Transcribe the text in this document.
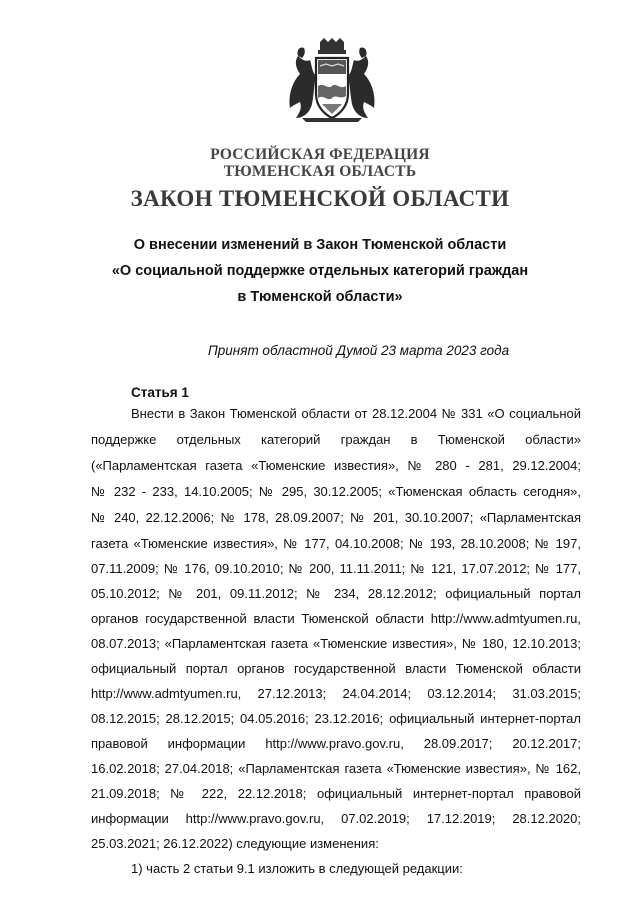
РОССИЙСКАЯ ФЕДЕРАЦИЯ
ТЮМЕНСКАЯ ОБЛАСТЬ
ЗАКОН ТЮМЕНСКОЙ ОБЛАСТИ
О внесении изменений в Закон Тюменской области
«О социальной поддержке отдельных категорий граждан
в Тюменской области»
Принят областной Думой 23 марта 2023 года
Статья 1
Внести в Закон Тюменской области от 28.12.2004 № 331 «О социальной
поддержке отдельных категорий граждан в Тюменской области»
(«Парламентская газета «Тюменские известия», № 280 - 281, 29.12.2004;
№ 232 - 233, 14.10.2005; № 295, 30.12.2005; «Тюменская область сегодня»,
№ 240, 22.12.2006; № 178, 28.09.2007; № 201, 30.10.2007; «Парламентская
газета «Тюменские известия», № 177, 04.10.2008; № 193, 28.10.2008; № 197,
07.11.2009; № 176, 09.10.2010; № 200, 11.11.2011; № 121, 17.07.2012; № 177,
05.10.2012; № 201, 09.11.2012; № 234, 28.12.2012; официальный портал
органов государственной власти Тюменской области http://www.admtyumen.ru,
08.07.2013; «Парламентская газета «Тюменские известия», № 180, 12.10.2013;
официальный портал органов государственной власти Тюменской области
http://www.admtyumen.ru, 27.12.2013; 24.04.2014; 03.12.2014; 31.03.2015;
08.12.2015; 28.12.2015; 04.05.2016; 23.12.2016; официальный интернет-портал
правовой информации http://www.pravo.gov.ru, 28.09.2017; 20.12.2017;
16.02.2018; 27.04.2018; «Парламентская газета «Тюменские известия», № 162,
21.09.2018; № 222, 22.12.2018; официальный интернет-портал правовой
информации http://www.pravo.gov.ru, 07.02.2019; 17.12.2019; 28.12.2020;
25.03.2021; 26.12.2022) следующие изменения:
1) часть 2 статьи 9.1 изложить в следующей редакции:
